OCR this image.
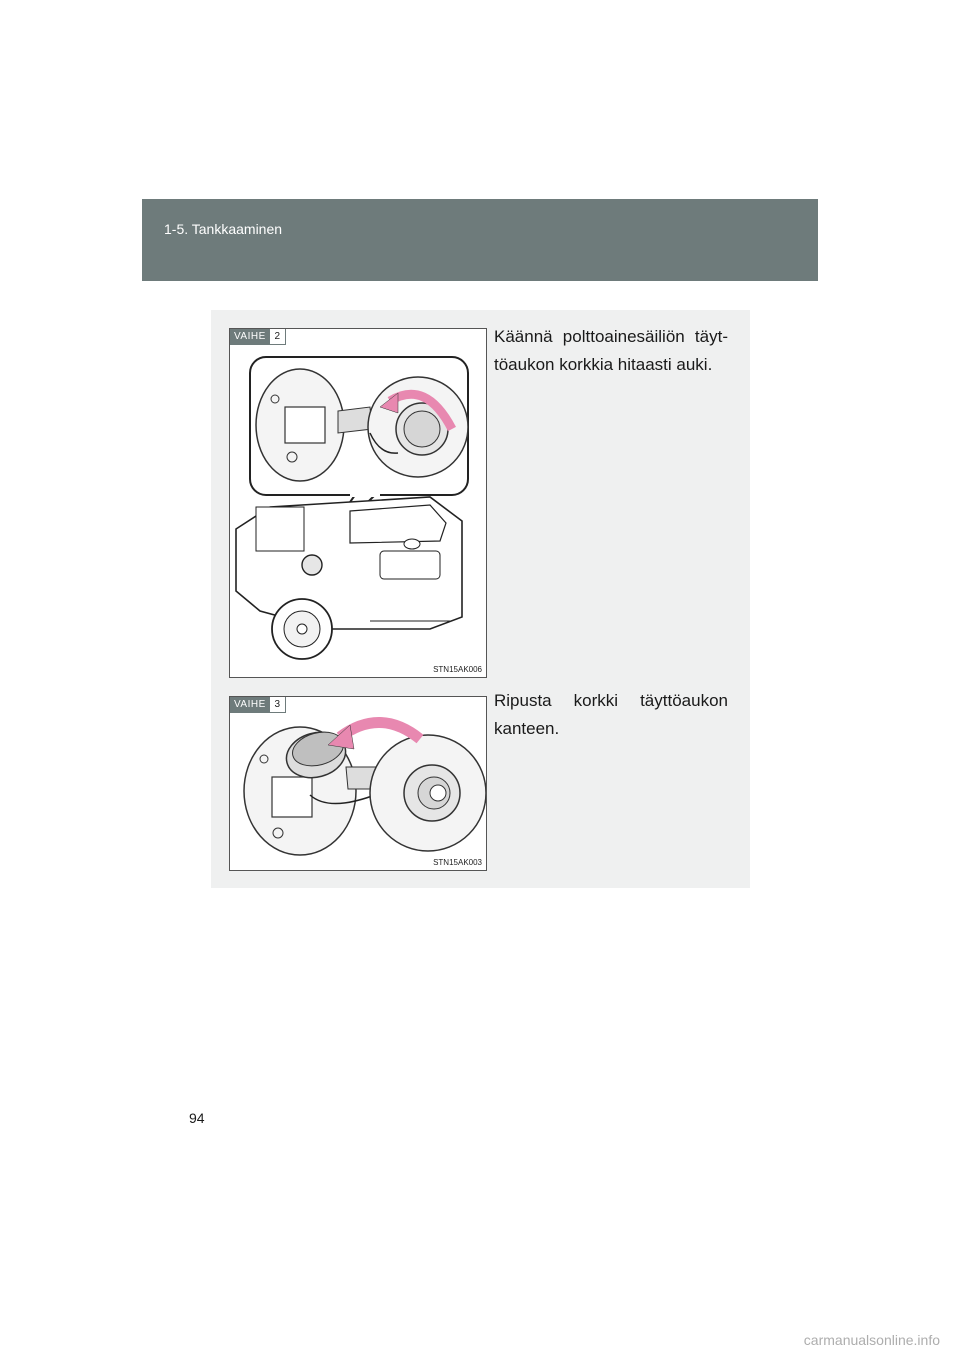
1-5. Tankkaaminen
VAIHE 2
STN15AK006
VAIHE 3
STN15AK003
Käännä polttoainesäiliön täyt-töaukon korkkia hitaasti auki.
Ripusta korkki täyttöaukon kanteen.
94
carmanualsonline.info
